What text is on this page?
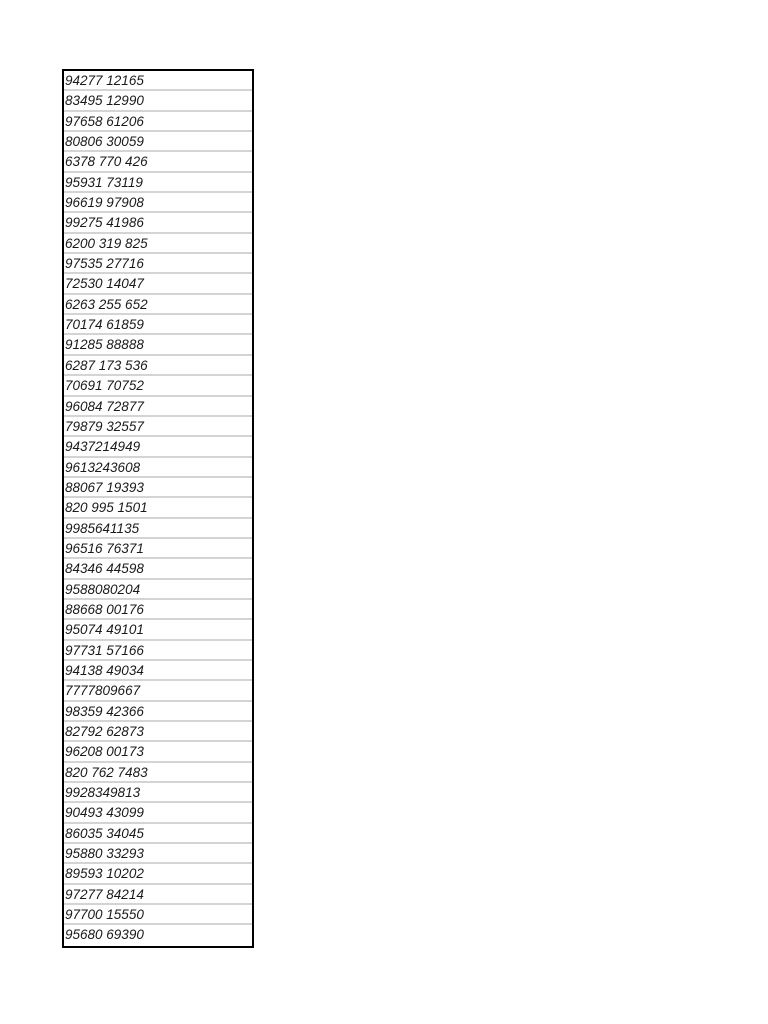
94277 12165
83495 12990
97658 61206
80806 30059
6378 770 426
95931 73119
96619 97908
99275 41986
6200 319 825
97535 27716
72530 14047
6263 255 652
70174 61859
91285 88888
6287 173 536
70691 70752
96084 72877
79879 32557
9437214949
9613243608
88067 19393
820 995 1501
9985641135
96516 76371
84346 44598
9588080204
88668 00176
95074 49101
97731 57166
94138 49034
7777809667
98359 42366
82792 62873
96208 00173
820 762 7483
9928349813
90493 43099
86035 34045
95880 33293
89593 10202
97277 84214
97700 15550
95680 69390
